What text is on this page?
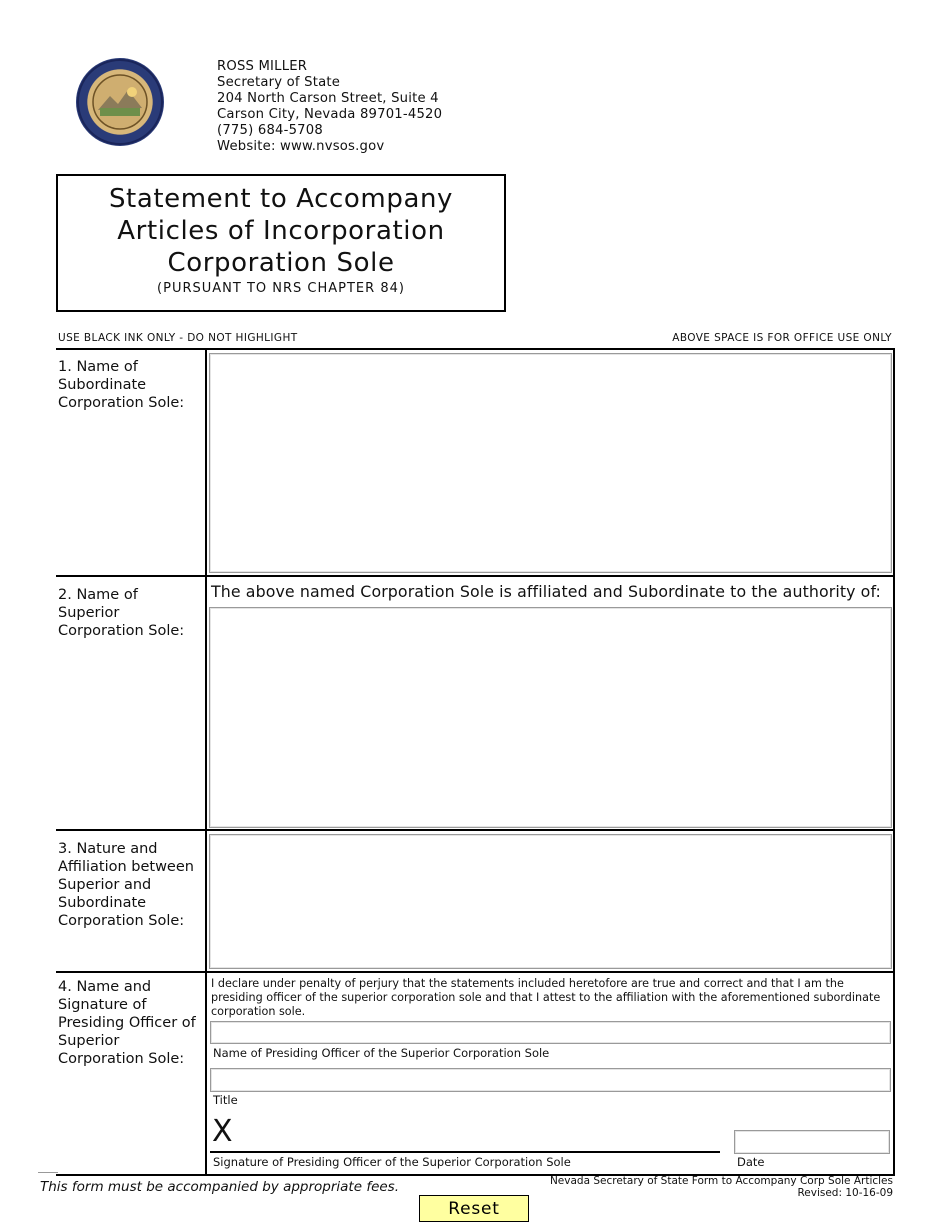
ROSS MILLER
Secretary of State
204 North Carson Street, Suite 4
Carson City, Nevada 89701-4520
(775) 684-5708
Website: www.nvsos.gov
Statement to Accompany
Articles of Incorporation
Corporation Sole
(PURSUANT TO NRS CHAPTER 84)
USE BLACK INK ONLY - DO NOT HIGHLIGHT	ABOVE SPACE IS FOR OFFICE USE ONLY
1. Name of Subordinate Corporation Sole:
2. Name of Superior Corporation Sole:
The above named Corporation Sole is affiliated and Subordinate to the authority of:
3. Nature and Affiliation between Superior and Subordinate Corporation Sole:
4. Name and Signature of Presiding Officer of Superior Corporation Sole:
I declare under penalty of perjury that the statements included heretofore are true and correct and that I am the presiding officer of the superior corporation sole and that I attest to the affiliation with the aforementioned subordinate corporation sole.
Name of Presiding Officer of the Superior Corporation Sole
Title
X
Signature of Presiding Officer of the Superior Corporation Sole	Date
This form must be accompanied by appropriate fees.	Nevada Secretary of State Form to Accompany Corp Sole Articles
Revised: 10-16-09
Reset
